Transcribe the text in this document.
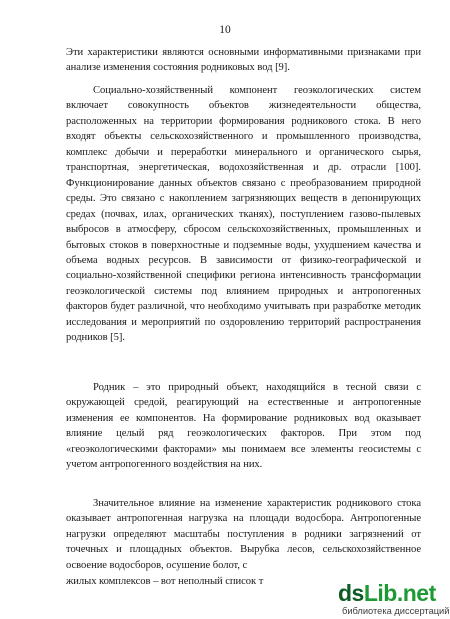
10

Эти характеристики являются основными информативными признаками при анализе изменения состояния родниковых вод [9].

Социально-хозяйственный компонент геоэкологических систем включает совокупность объектов жизнедеятельности общества, расположенных на территории формирования родникового стока. В него входят объекты сельскохозяйственного и промышленного производства, комплекс добычи и переработки минерального и органического сырья, транспортная, энергетическая, водохозяйственная и др. отрасли [100]. Функционирование данных объектов связано с преобразованием природной среды. Это связано с накоплением загрязняющих веществ в депонирующих средах (почвах, илах, органических тканях), поступлением газово-пылевых выбросов в атмосферу, сбросом сельскохозяйственных, промышленных и бытовых стоков в поверхностные и подземные воды, ухудшением качества и объема водных ресурсов. В зависимости от физико-географической и социально-хозяйственной специфики региона интенсивность трансформации геоэкологической системы под влиянием природных и антропогенных факторов будет различной, что необходимо учитывать при разработке методик исследования и мероприятий по оздоровлению территорий распространения родников [5].

Родник – это природный объект, находящийся в тесной связи с окружающей средой, реагирующий на естественные и антропогенные изменения ее компонентов. На формирование родниковых вод оказывает влияние целый ряд геоэкологических факторов. При этом под «геоэкологическими факторами» мы понимаем все элементы геосистемы с учетом антропогенного воздействия на них.

Значительное влияние на изменение характеристик родникового стока оказывает антропогенная нагрузка на площади водосбора. Антропогенные нагрузки определяют масштабы поступления в родники загрязнений от точечных и площадных объектов. Вырубка лесов, сельскохозяйственное освоение водосборов, осушение болот, с

жилых комплексов – вот неполный список т	dsLib.net
библиотека диссертаций
